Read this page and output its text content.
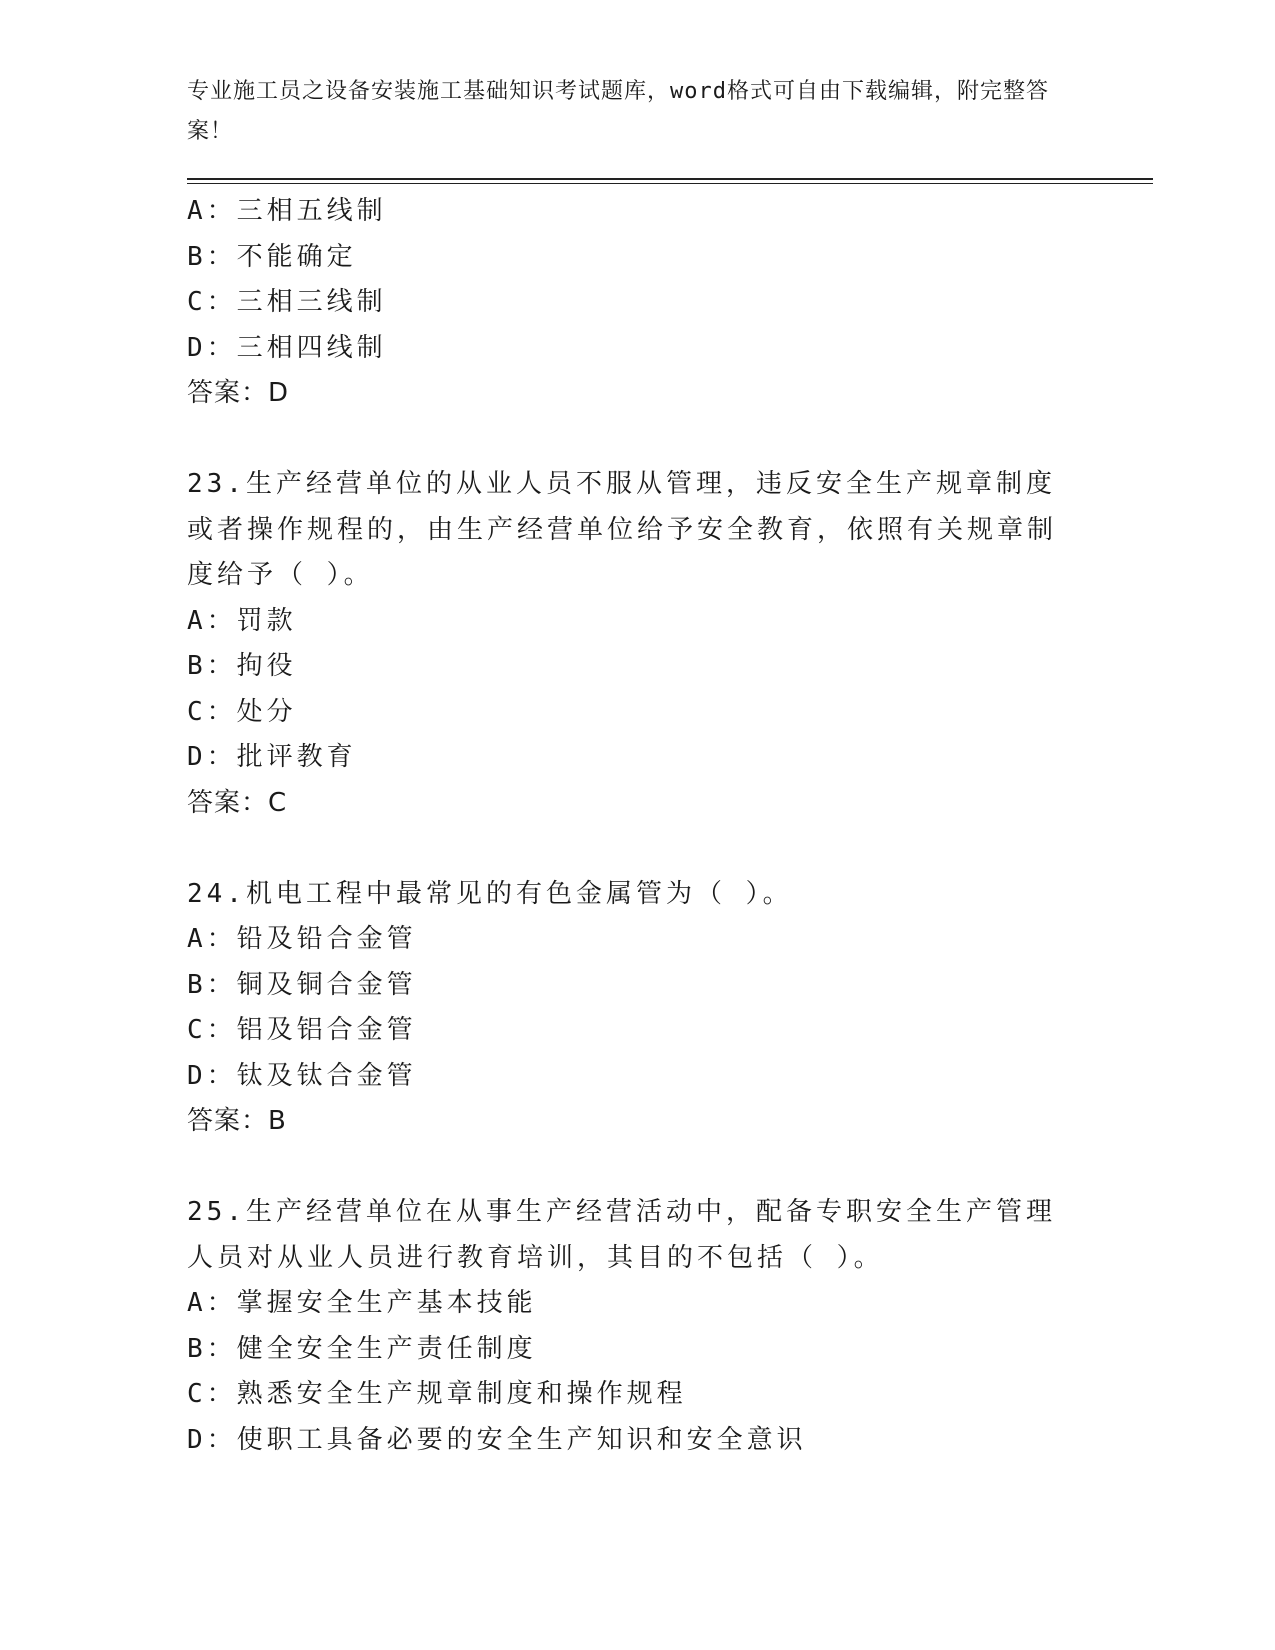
专业施工员之设备安装施工基础知识考试题库，word格式可自由下载编辑，附完整答案！
A：三相五线制
B：不能确定
C：三相三线制
D：三相四线制
答案：D
23.生产经营单位的从业人员不服从管理，违反安全生产规章制度或者操作规程的，由生产经营单位给予安全教育，依照有关规章制度给予（ ）。
A：罚款
B：拘役
C：处分
D：批评教育
答案：C
24.机电工程中最常见的有色金属管为（ ）。
A：铅及铅合金管
B：铜及铜合金管
C：铝及铝合金管
D：钛及钛合金管
答案：B
25.生产经营单位在从事生产经营活动中，配备专职安全生产管理人员对从业人员进行教育培训，其目的不包括（ ）。
A：掌握安全生产基本技能
B：健全安全生产责任制度
C：熟悉安全生产规章制度和操作规程
D：使职工具备必要的安全生产知识和安全意识
